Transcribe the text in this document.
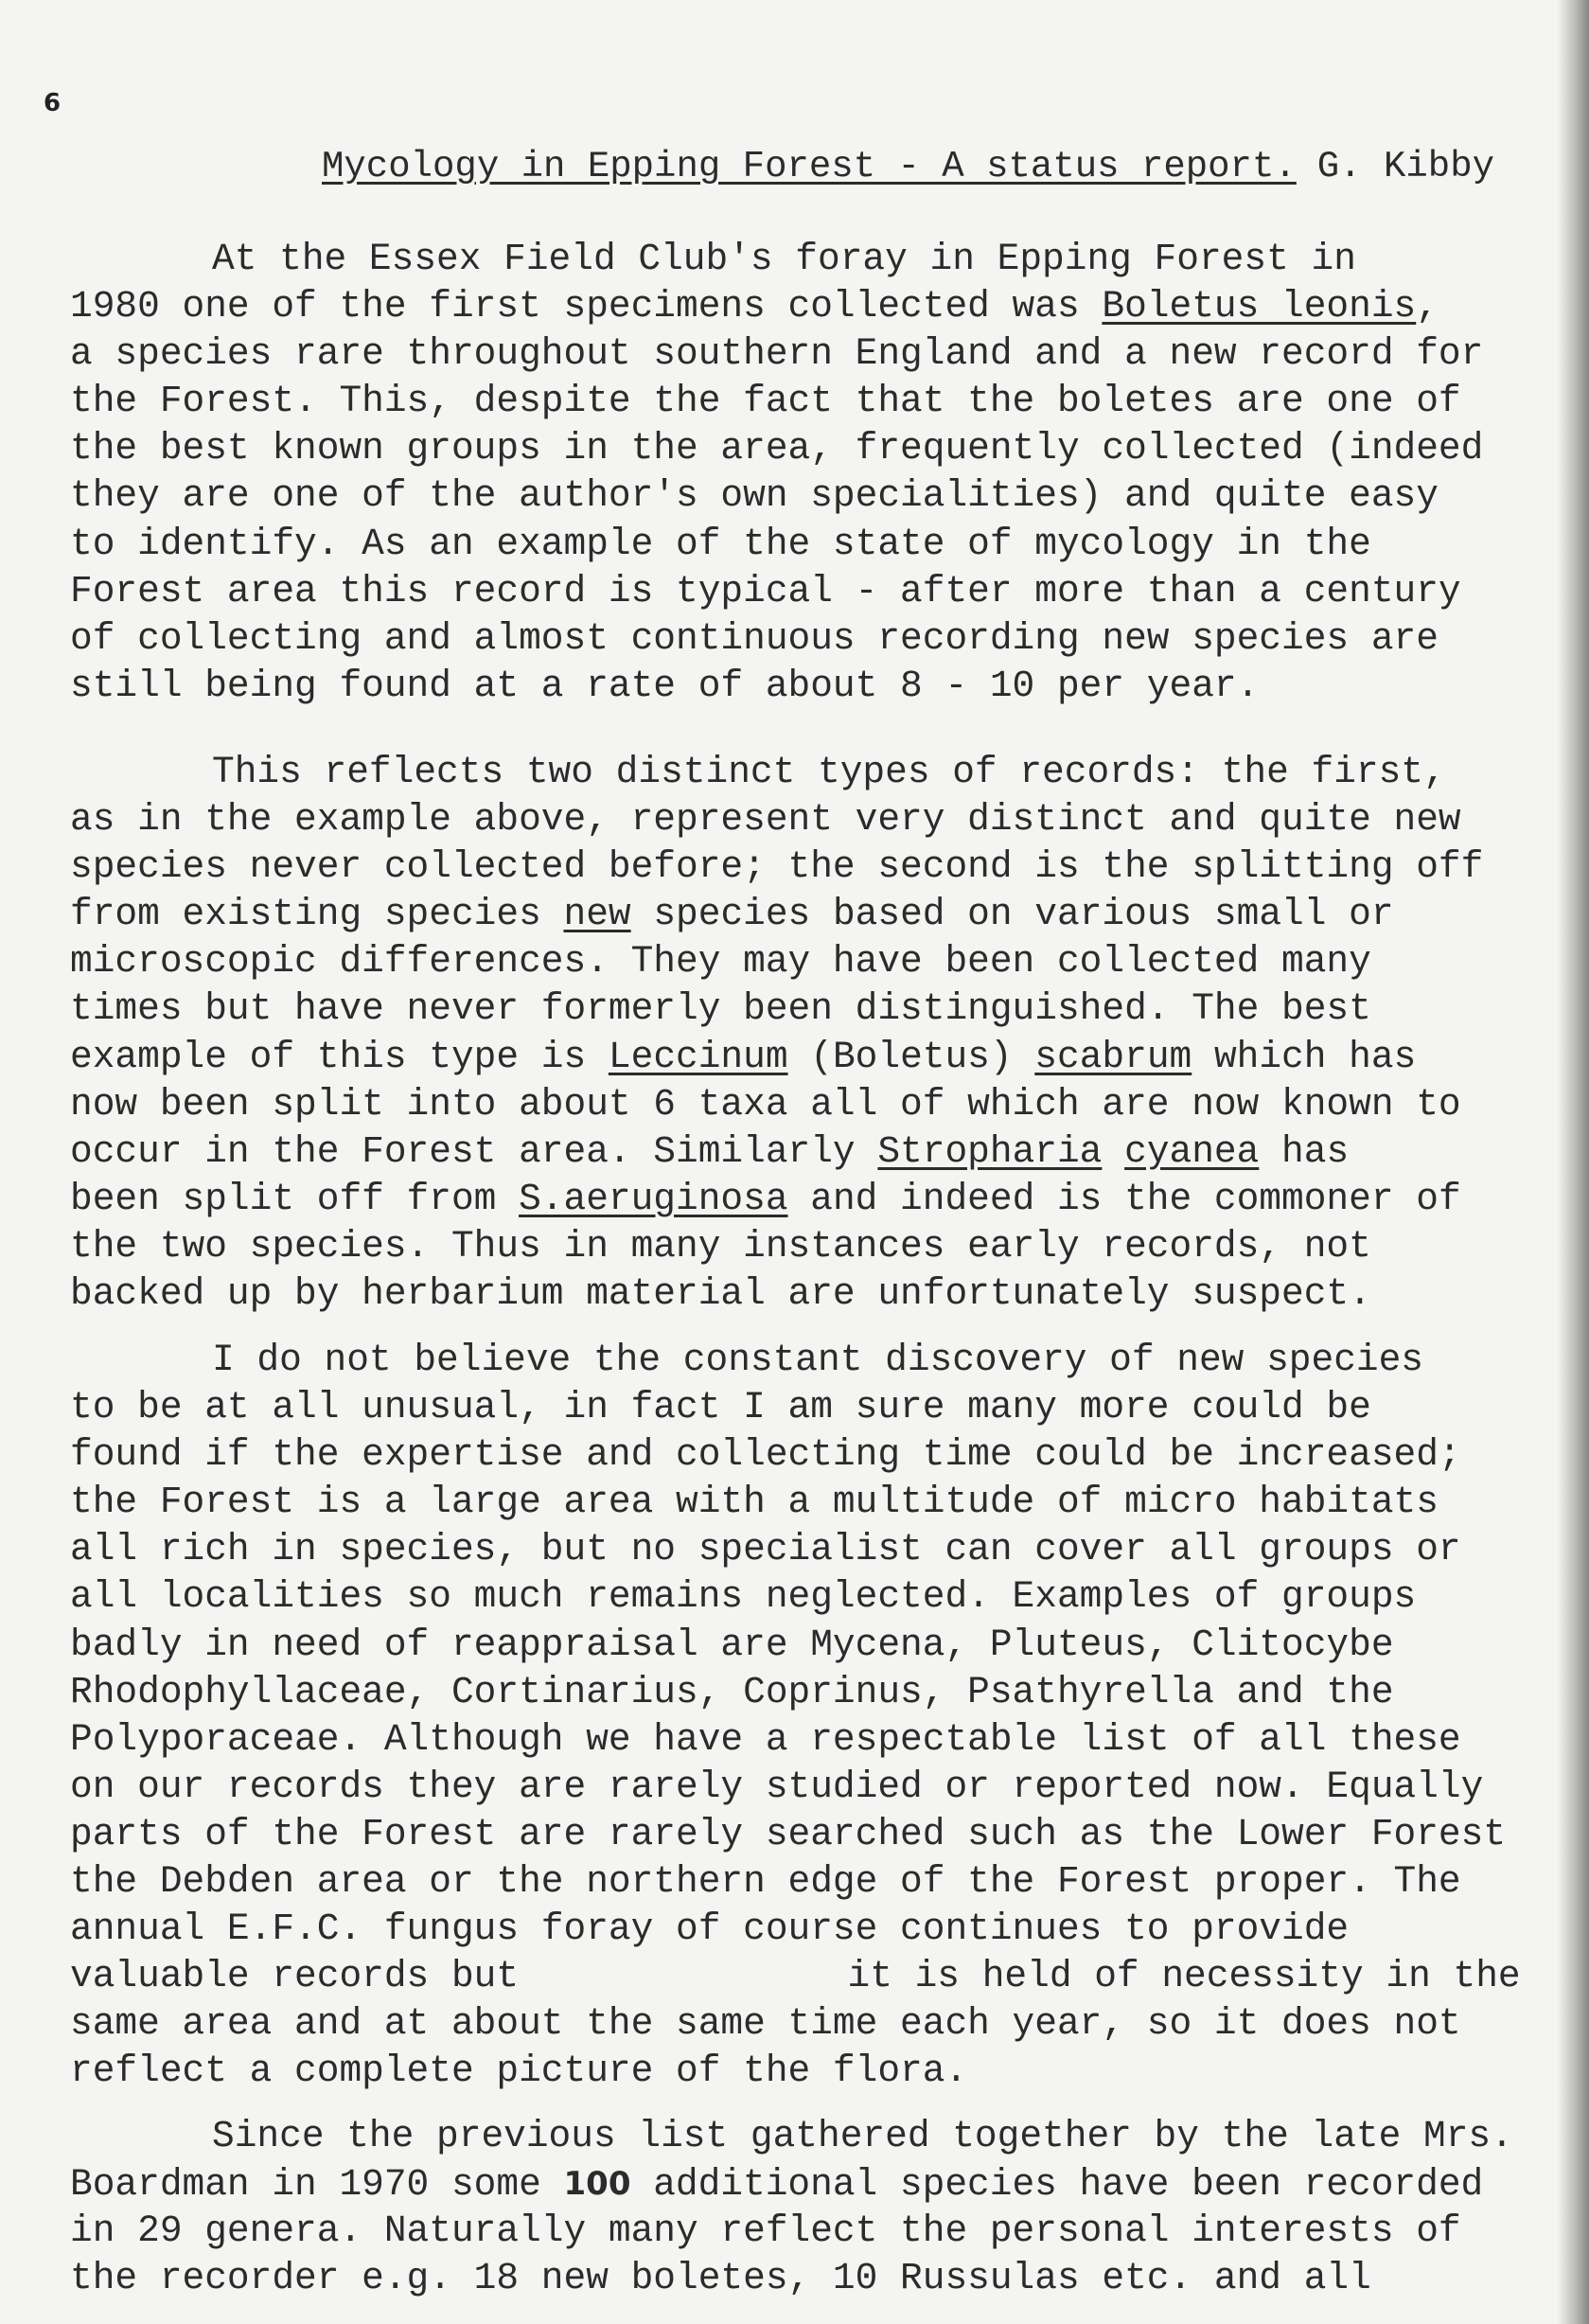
6
Mycology in Epping Forest - A status report. G. Kibby
At the Essex Field Club's foray in Epping Forest in
1980 one of the first specimens collected was Boletus leonis,
a species rare throughout southern England and a new record for
the Forest. This, despite the fact that the boletes are one of
the best known groups in the area, frequently collected (indeed
they are one of the author's own specialities) and quite easy
to identify. As an example of the state of mycology in the
Forest area this record is typical - after more than a century
of collecting and almost continuous recording new species are
still being found at a rate of about 8 - 10 per year.
This reflects two distinct types of records: the first,
as in the example above, represent very distinct and quite new
species never collected before; the second is the splitting off
from existing species new species based on various small or
microscopic differences. They may have been collected many
times but have never formerly been distinguished. The best
example of this type is Leccinum (Boletus) scabrum which has
now been split into about 6 taxa all of which are now known to
occur in the Forest area. Similarly Stropharia cyanea has
been split off from S.aeruginosa and indeed is the commoner of
the two species. Thus in many instances early records, not
backed up by herbarium material are unfortunately suspect.
I do not believe the constant discovery of new species
to be at all unusual, in fact I am sure many more could be
found if the expertise and collecting time could be increased;
the Forest is a large area with a multitude of micro habitats
all rich in species, but no specialist can cover all groups or
all localities so much remains neglected. Examples of groups
badly in need of reappraisal are Mycena, Pluteus, Clitocybe
Rhodophyllaceae, Cortinarius, Coprinus, Psathyrella and the
Polyporaceae. Although we have a respectable list of all these
on our records they are rarely studied or reported now. Equally
parts of the Forest are rarely searched such as the Lower Forest
the Debden area or the northern edge of the Forest proper. The
annual E.F.C. fungus foray of course continues to provide
valuable records but	it is held of necessity in the
same area and at about the same time each year, so it does not
reflect a complete picture of the flora.
Since the previous list gathered together by the late Mrs.
Boardman in 1970 some 100 additional species have been recorded
in 29 genera. Naturally many reflect the personal interests of
the recorder e.g. 18 new boletes, 10 Russulas etc. and all
